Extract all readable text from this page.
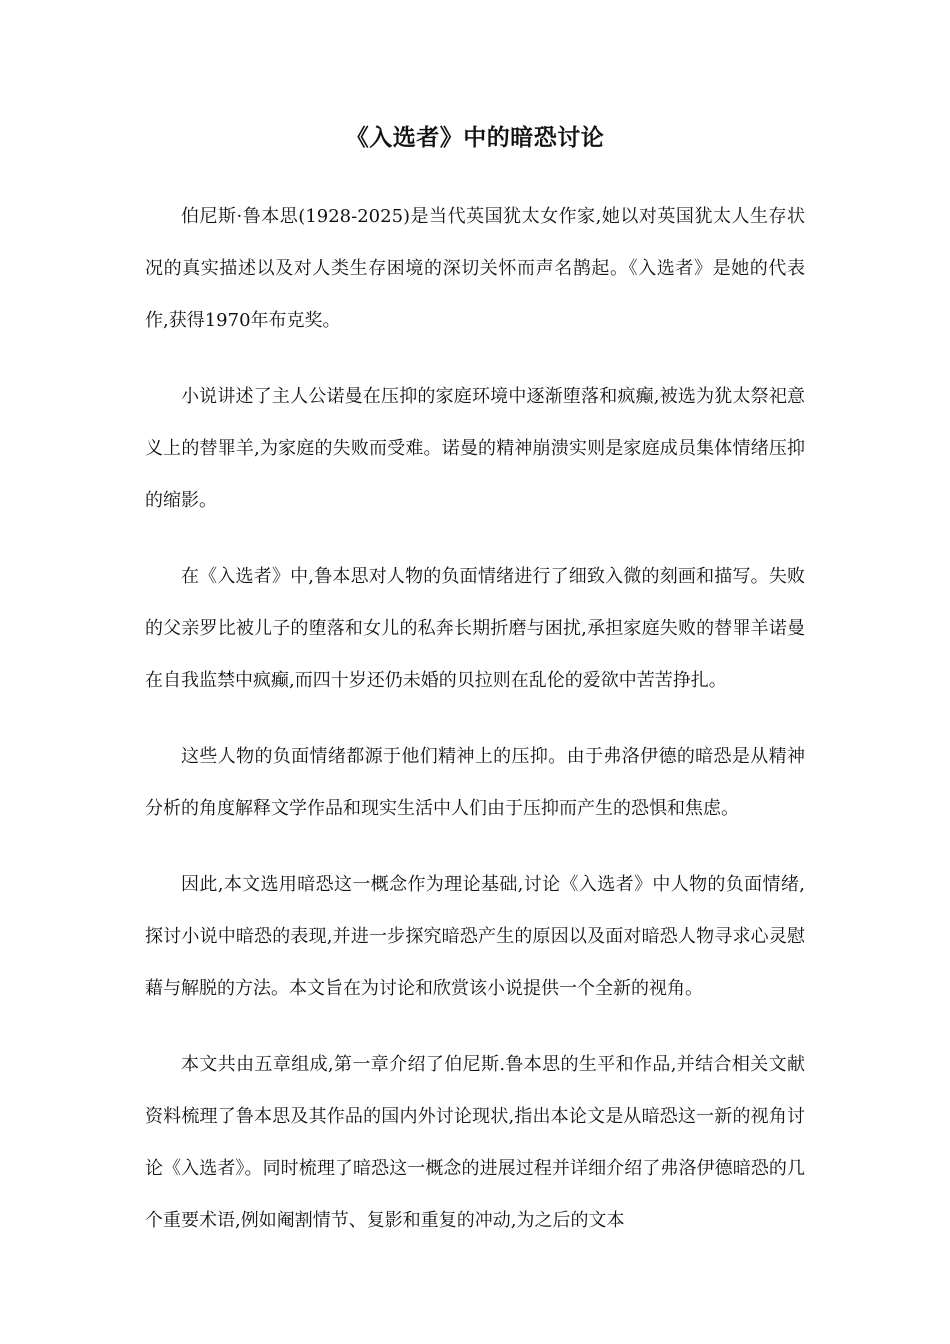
《入选者》中的暗恐讨论

伯尼斯·鲁本思(1928-2025)是当代英国犹太女作家,她以对英国犹太人生存状况的真实描述以及对人类生存困境的深切关怀而声名鹊起。《入选者》是她的代表作,获得1970年布克奖。

小说讲述了主人公诺曼在压抑的家庭环境中逐渐堕落和疯癫,被选为犹太祭祀意义上的替罪羊,为家庭的失败而受难。诺曼的精神崩溃实则是家庭成员集体情绪压抑的缩影。

在《入选者》中,鲁本思对人物的负面情绪进行了细致入微的刻画和描写。失败的父亲罗比被儿子的堕落和女儿的私奔长期折磨与困扰,承担家庭失败的替罪羊诺曼在自我监禁中疯癫,而四十岁还仍未婚的贝拉则在乱伦的爱欲中苦苦挣扎。

这些人物的负面情绪都源于他们精神上的压抑。由于弗洛伊德的暗恐是从精神分析的角度解释文学作品和现实生活中人们由于压抑而产生的恐惧和焦虑。

因此,本文选用暗恐这一概念作为理论基础,讨论《入选者》中人物的负面情绪,探讨小说中暗恐的表现,并进一步探究暗恐产生的原因以及面对暗恐人物寻求心灵慰藉与解脱的方法。本文旨在为讨论和欣赏该小说提供一个全新的视角。

本文共由五章组成,第一章介绍了伯尼斯.鲁本思的生平和作品,并结合相关文献资料梳理了鲁本思及其作品的国内外讨论现状,指出本论文是从暗恐这一新的视角讨论《入选者》。同时梳理了暗恐这一概念的进展过程并详细介绍了弗洛伊德暗恐的几个重要术语,例如阉割情节、复影和重复的冲动,为之后的文本
